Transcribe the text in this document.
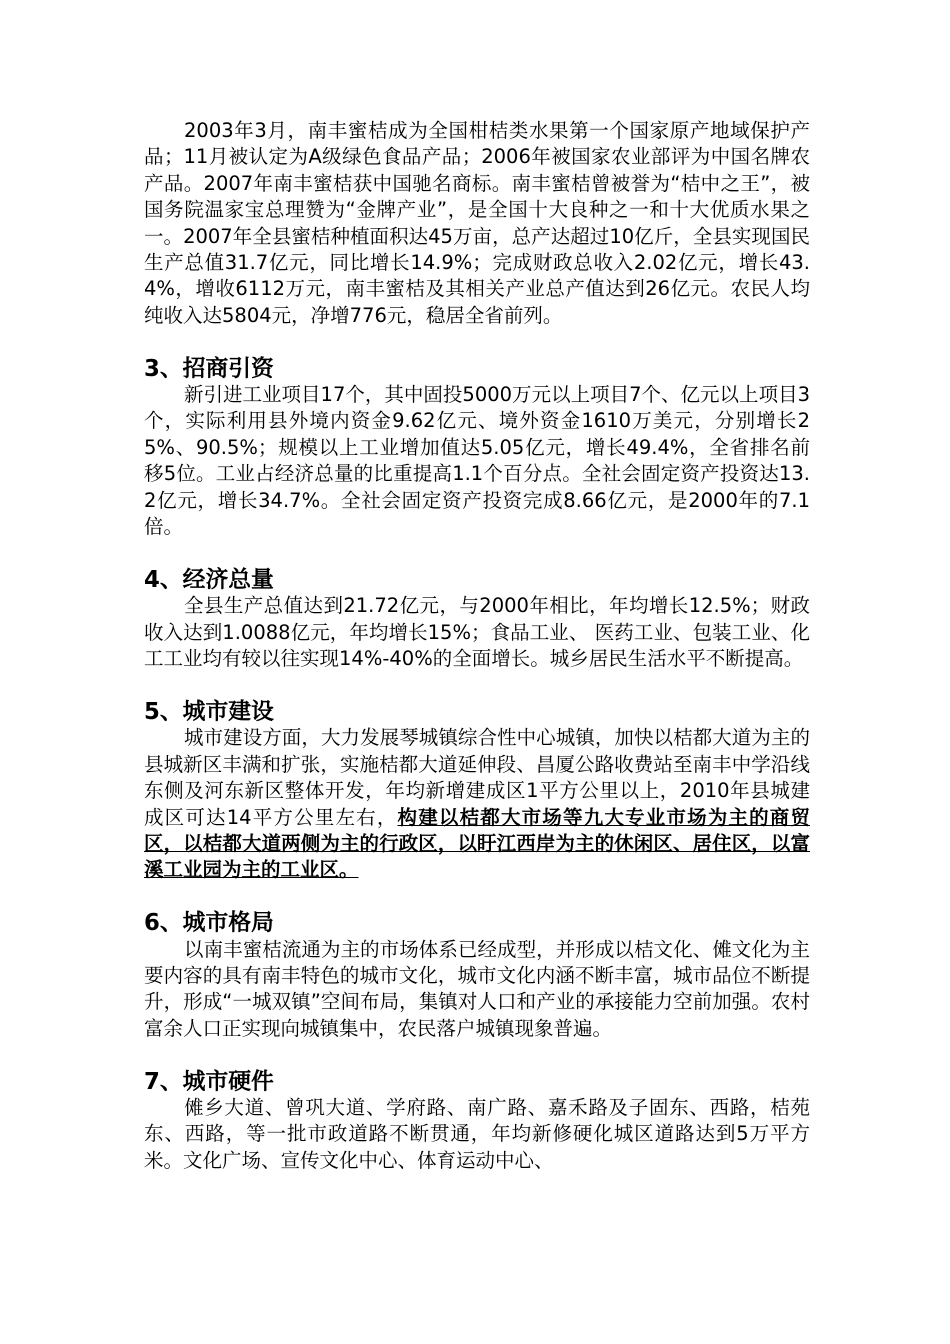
2003年3月，南丰蜜桔成为全国柑桔类水果第一个国家原产地域保护产品；11月被认定为A级绿色食品产品；2006年被国家农业部评为中国名牌农产品。2007年南丰蜜桔获中国驰名商标。南丰蜜桔曾被誉为“桔中之王”，被国务院温家宝总理赞为“金牌产业”，是全国十大良种之一和十大优质水果之一。2007年全县蜜桔种植面积达45万亩，总产达超过10亿斤，全县实现国民生产总值31.7亿元，同比增长14.9%；完成财政总收入2.02亿元，增长43.4%，增收6112万元，南丰蜜桔及其相关产业总产值达到26亿元。农民人均纯收入达5804元，净增776元，稳居全省前列。

3、招商引资

新引进工业项目17个，其中固投5000万元以上项目7个、亿元以上项目3个，实际利用县外境内资金9.62亿元、境外资金1610万美元，分别增长25%、90.5%；规模以上工业增加值达5.05亿元，增长49.4%，全省排名前移5位。工业占经济总量的比重提高1.1个百分点。全社会固定资产投资达13.2亿元，增长34.7%。全社会固定资产投资完成8.66亿元，是2000年的7.1倍。

4、经济总量

全县生产总值达到21.72亿元，与2000年相比，年均增长12.5%；财政收入达到1.0088亿元，年均增长15%；食品工业、 医药工业、包装工业、化工工业均有较以往实现14%-40%的全面增长。城乡居民生活水平不断提高。

5、城市建设

城市建设方面，大力发展琴城镇综合性中心城镇，加快以桔都大道为主的县城新区丰满和扩张，实施桔都大道延伸段、昌厦公路收费站至南丰中学沿线东侧及河东新区整体开发，年均新增建成区1平方公里以上，2010年县城建成区可达14平方公里左右，构建以桔都大市场等九大专业市场为主的商贸区，以桔都大道两侧为主的行政区，以盱江西岸为主的休闲区、居住区，以富溪工业园为主的工业区。

6、城市格局

以南丰蜜桔流通为主的市场体系已经成型，并形成以桔文化、傩文化为主要内容的具有南丰特色的城市文化，城市文化内涵不断丰富，城市品位不断提升，形成“一城双镇”空间布局，集镇对人口和产业的承接能力空前加强。农村富余人口正实现向城镇集中，农民落户城镇现象普遍。

7、城市硬件

傩乡大道、曾巩大道、学府路、南广路、嘉禾路及子固东、西路，桔苑东、西路，等一批市政道路不断贯通，年均新修硬化城区道路达到5万平方米。文化广场、宣传文化中心、体育运动中心、
